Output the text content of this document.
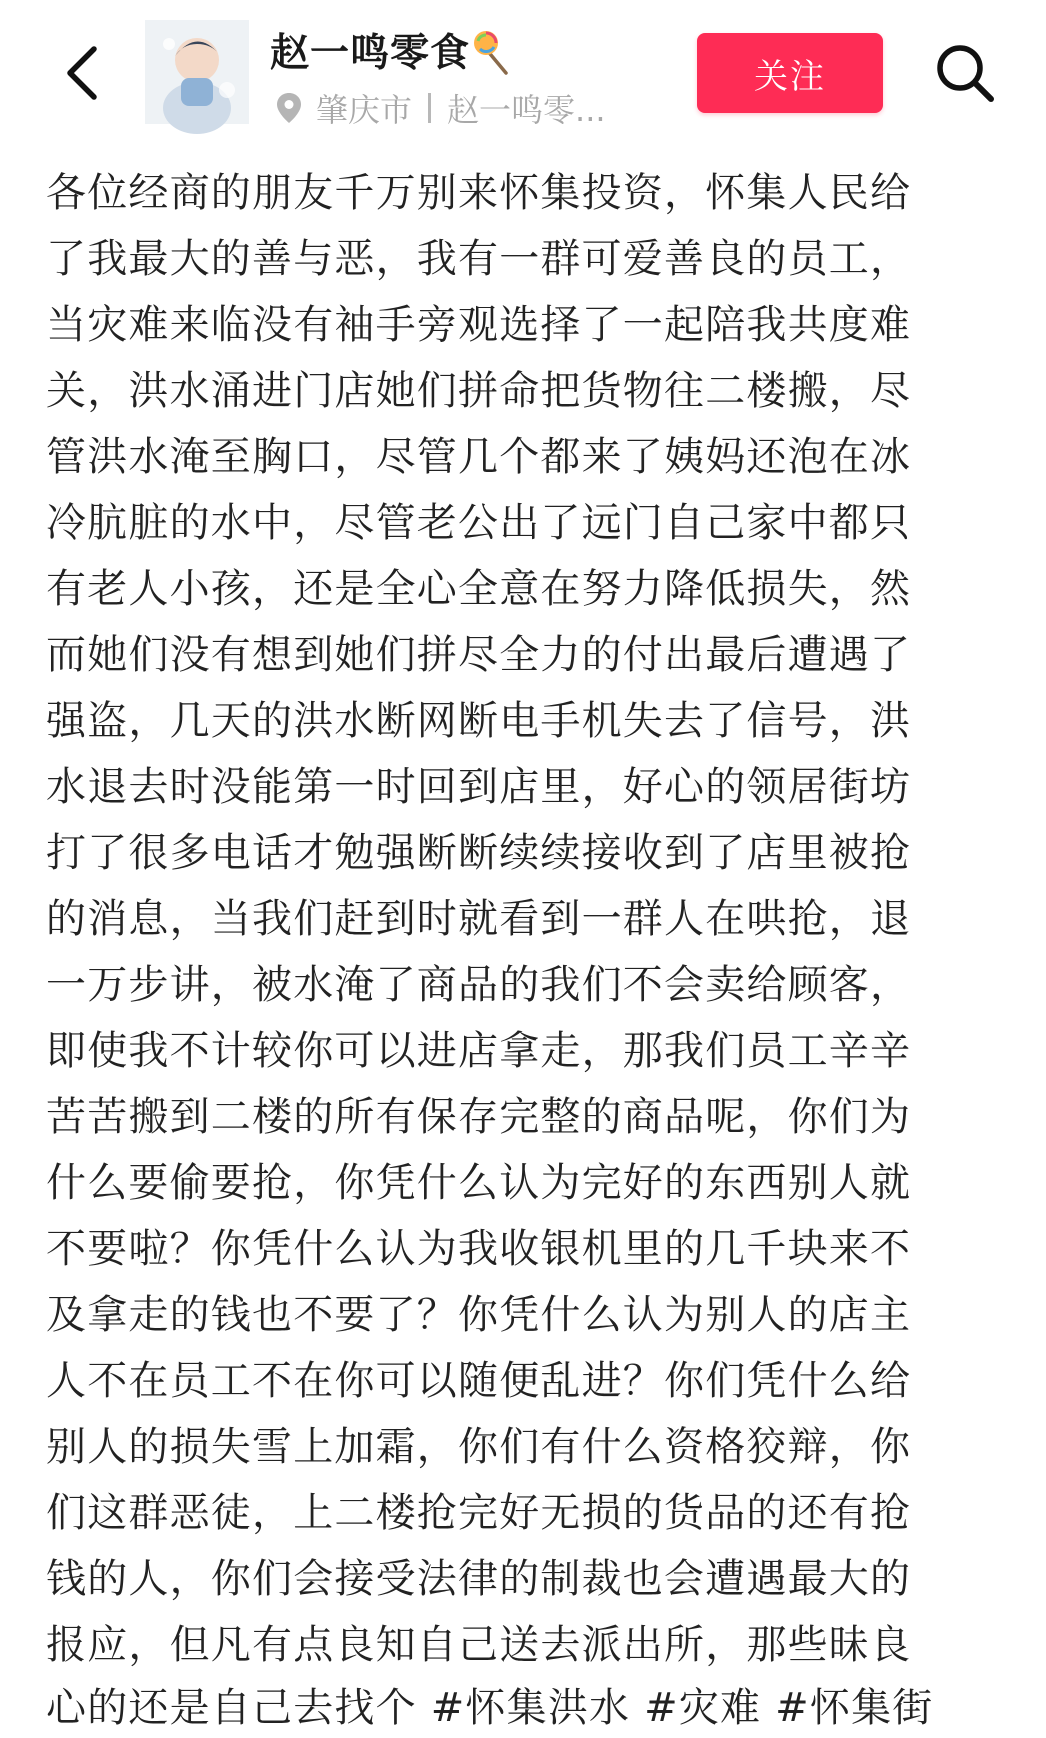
赵一鸣零食
肇庆市 赵一鸣零...
关注
各位经商的朋友千万别来怀集投资，怀集人民给
了我最大的善与恶，我有一群可爱善良的员工，
当灾难来临没有袖手旁观选择了一起陪我共度难
关，洪水涌进门店她们拼命把货物往二楼搬，尽
管洪水淹至胸口，尽管几个都来了姨妈还泡在冰
冷肮脏的水中，尽管老公出了远门自己家中都只
有老人小孩，还是全心全意在努力降低损失，然
而她们没有想到她们拼尽全力的付出最后遭遇了
强盗，几天的洪水断网断电手机失去了信号，洪
水退去时没能第一时回到店里，好心的领居街坊
打了很多电话才勉强断断续续接收到了店里被抢
的消息，当我们赶到时就看到一群人在哄抢，退
一万步讲，被水淹了商品的我们不会卖给顾客，
即使我不计较你可以进店拿走，那我们员工辛辛
苦苦搬到二楼的所有保存完整的商品呢，你们为
什么要偷要抢，你凭什么认为完好的东西别人就
不要啦？你凭什么认为我收银机里的几千块来不
及拿走的钱也不要了？你凭什么认为别人的店主
人不在员工不在你可以随便乱进？你们凭什么给
别人的损失雪上加霜，你们有什么资格狡辩，你
们这群恶徒，上二楼抢完好无损的货品的还有抢
钱的人，你们会接受法律的制裁也会遭遇最大的
报应，但凡有点良知自己送去派出所，那些昧良
心的还是自己去找个 #怀集洪水 #灾难 #怀集街
